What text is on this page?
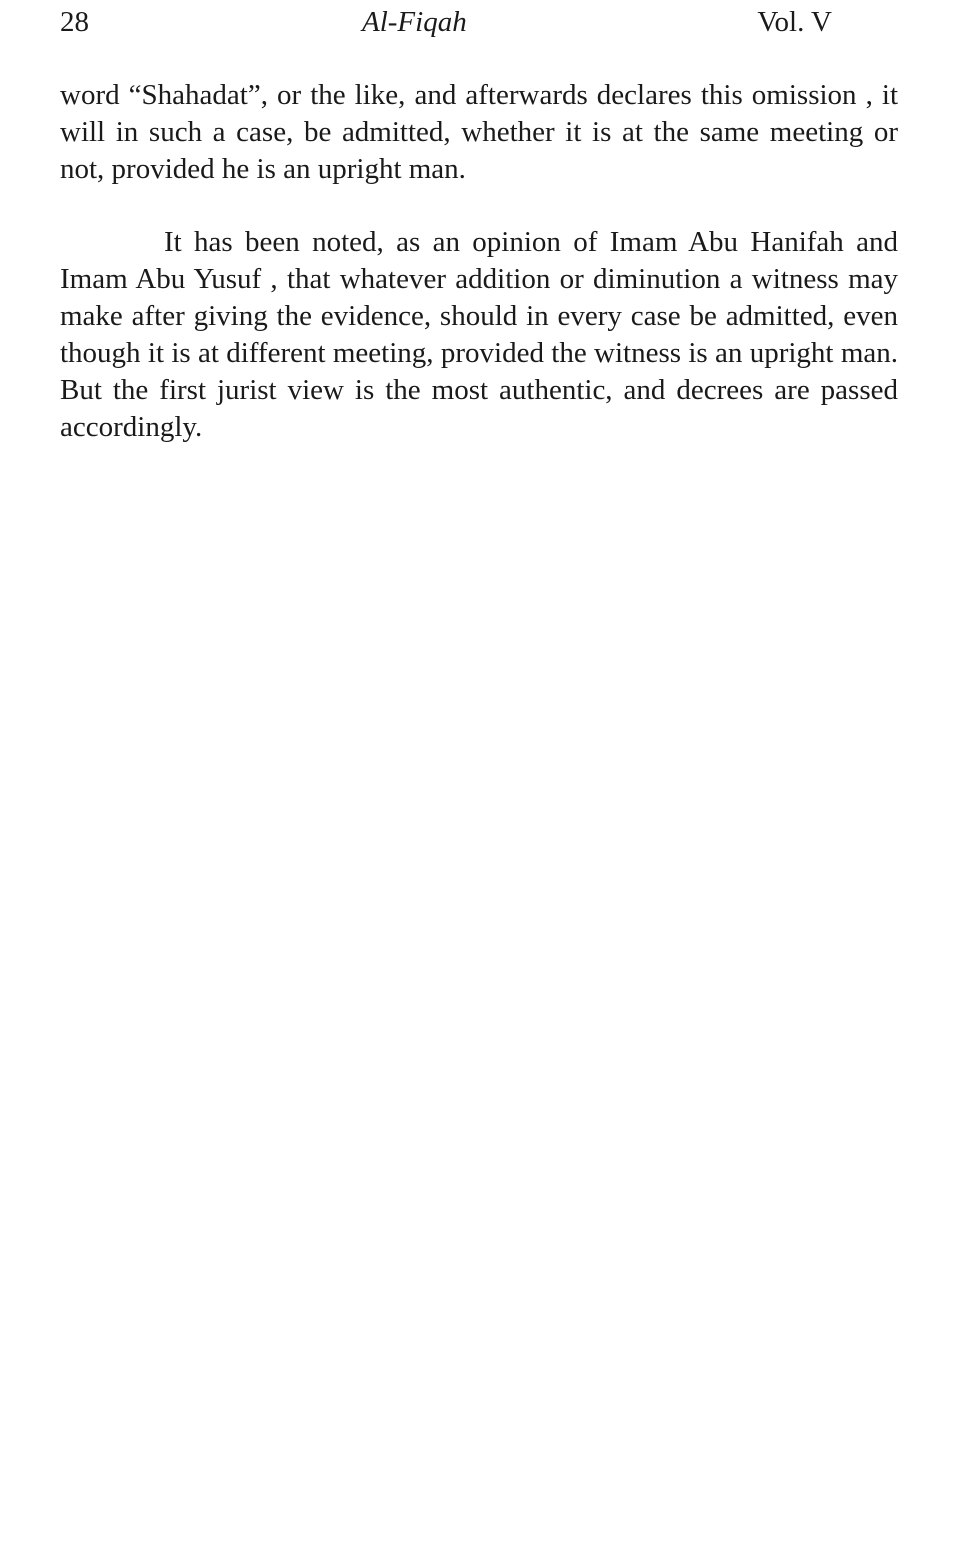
28	Al-Fiqah	Vol. V

word “Shahadat”, or the like, and afterwards declares this omission , it will in such a case, be admitted, whether it is at the same meeting or not, provided he is an upright man.

It has been noted, as an opinion of Imam Abu Hanifah and Imam Abu Yusuf , that whatever addition or diminution a witness may make after giving the evidence, should in every case be admitted, even though it is at different meeting, provided the witness is an upright man. But the first jurist view is the most authentic, and decrees are passed accordingly.
